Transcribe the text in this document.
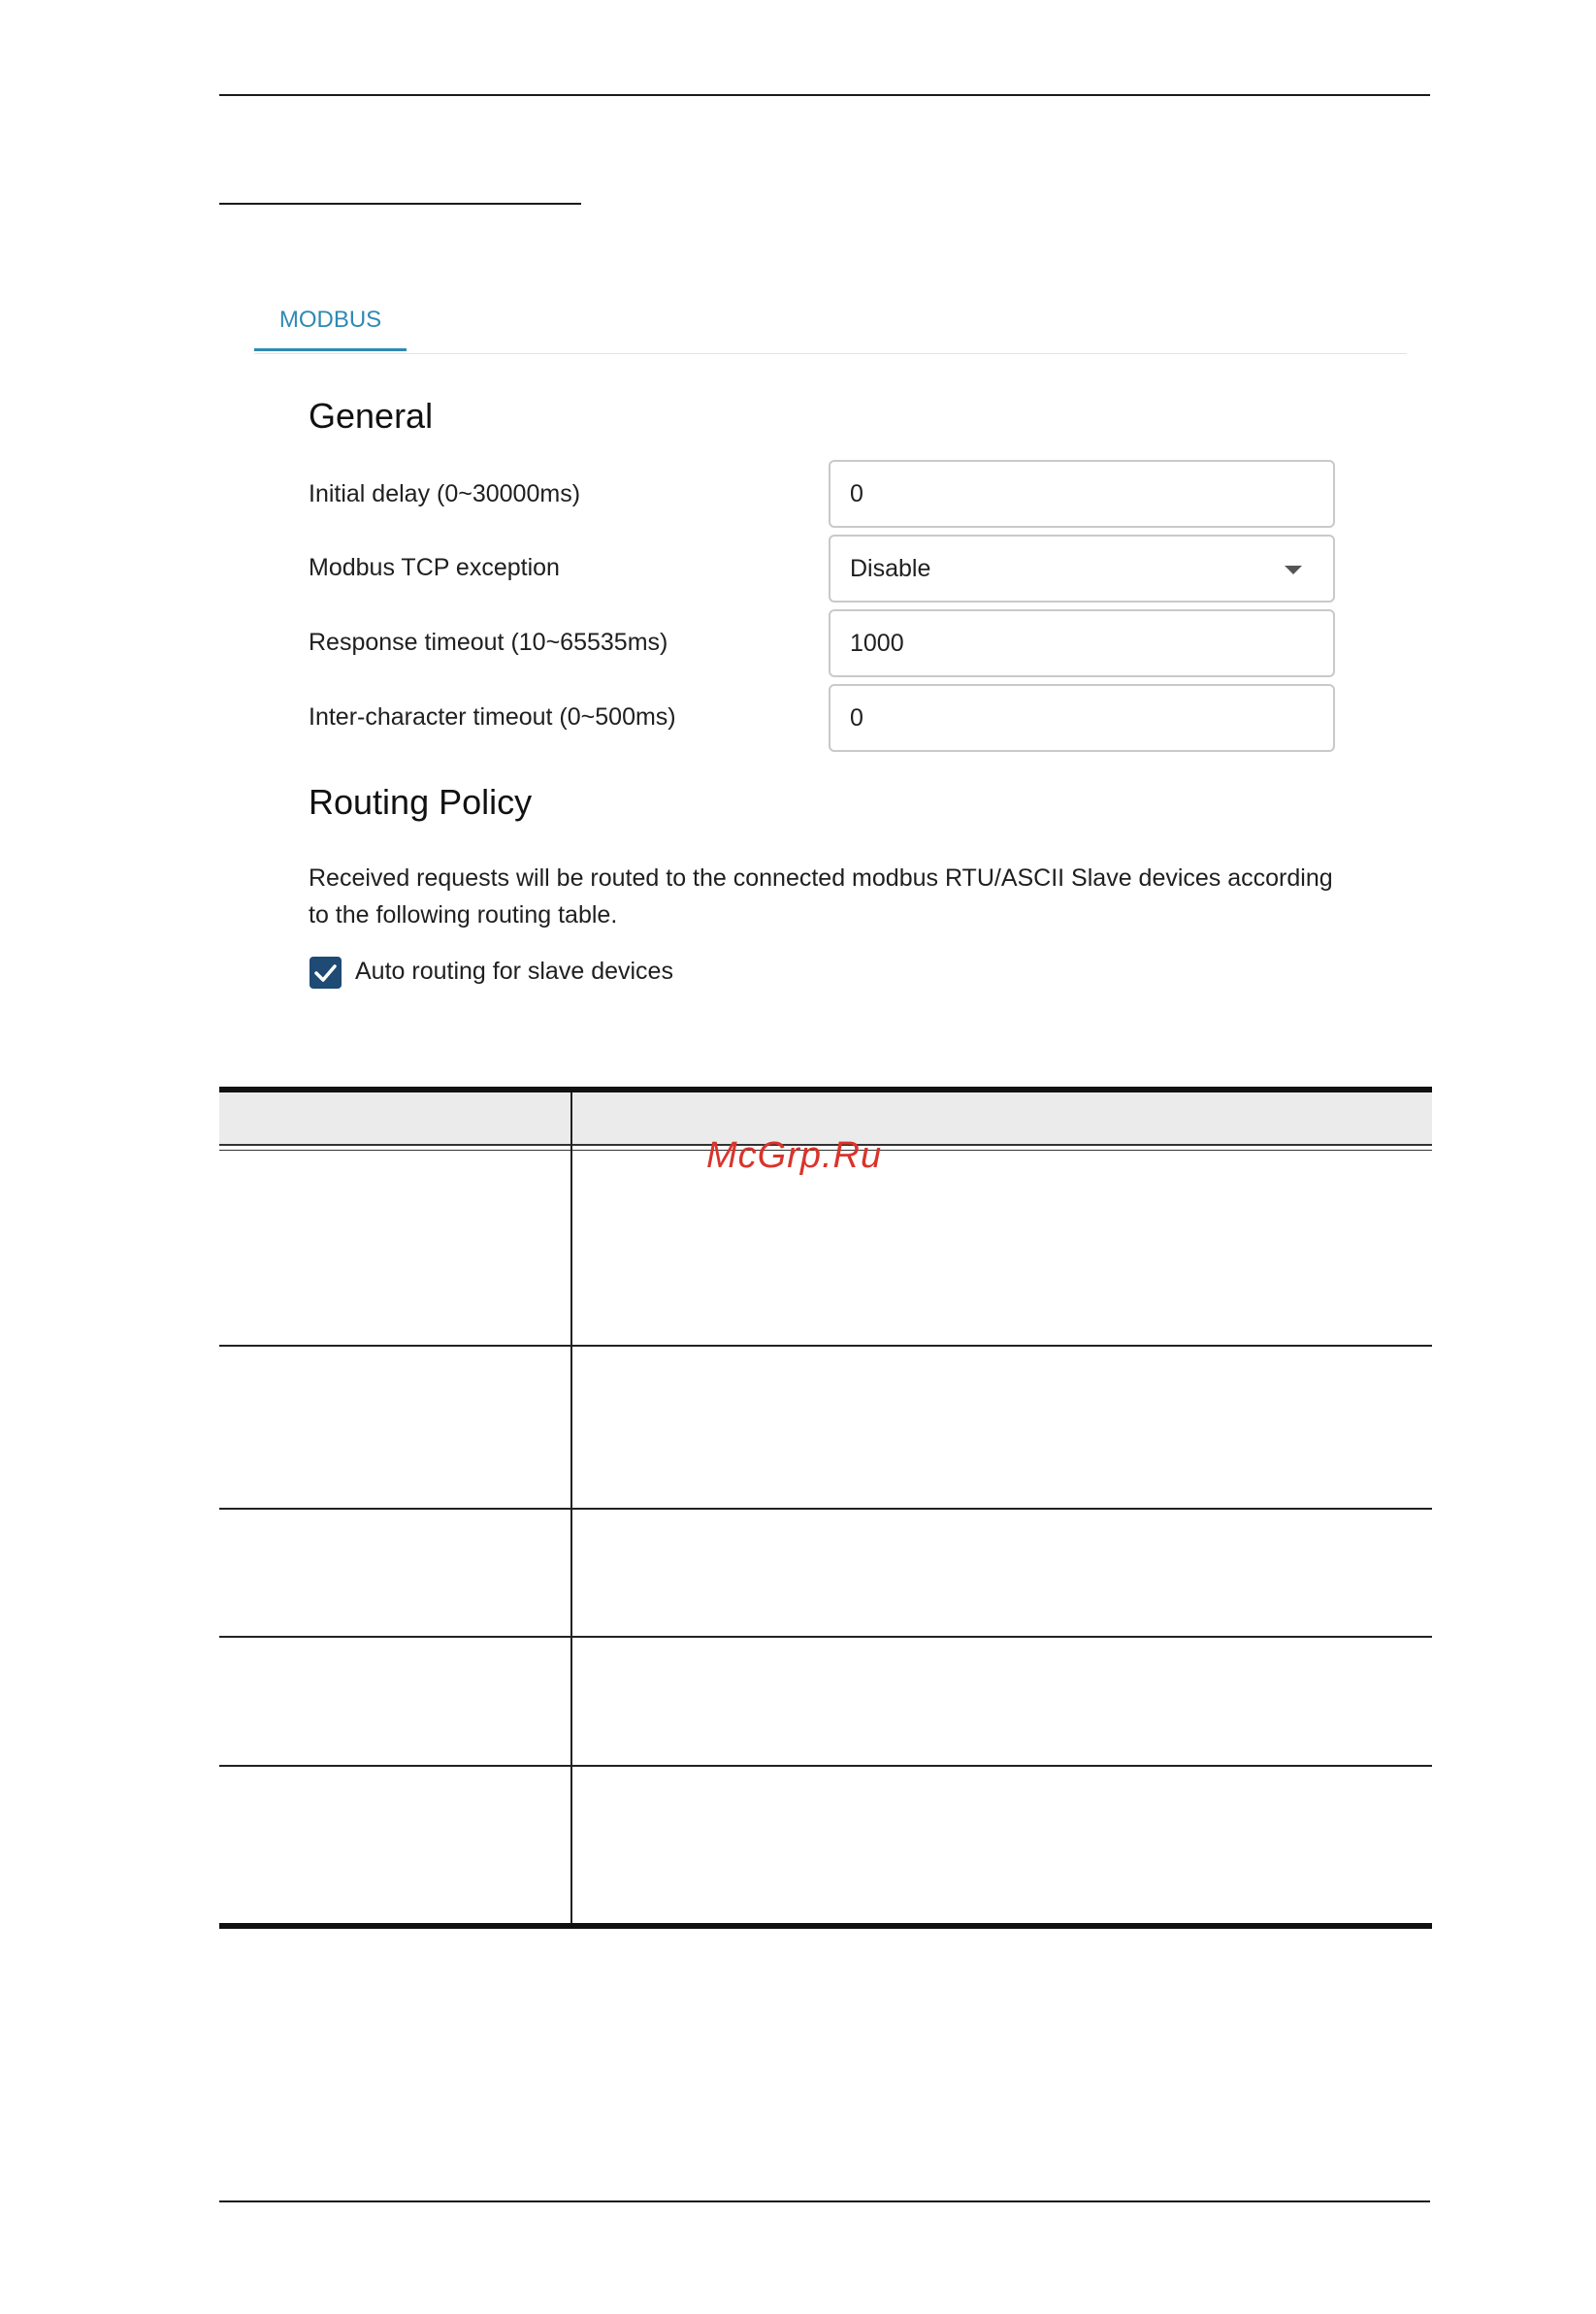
MODBUS
General
Initial delay (0~30000ms)
0
Modbus TCP exception	Disable
Response timeout (10~65535ms)
1000
Inter-character timeout (0~500ms)
0
Routing Policy
Received requests will be routed to the connected modbus RTU/ASCII Slave devices according to the following routing table.
Auto routing for slave devices
McGrp.Ru
